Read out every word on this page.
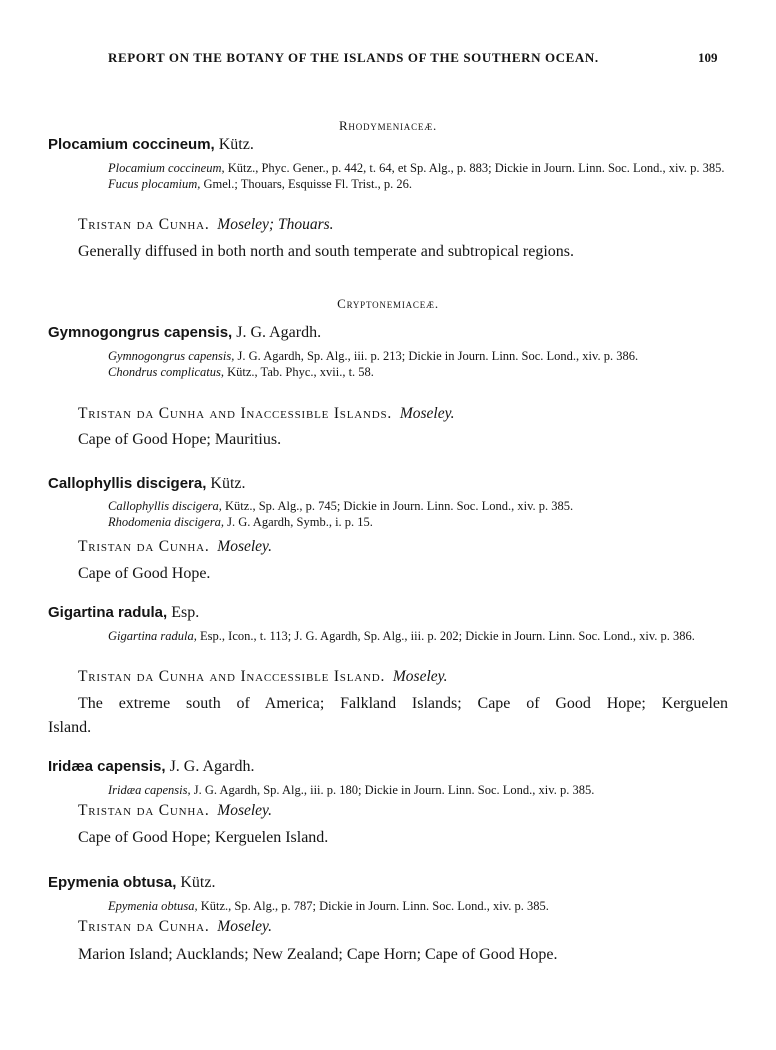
REPORT ON THE BOTANY OF THE ISLANDS OF THE SOUTHERN OCEAN.	109
Rhodymeniaceæ.
Plocamium coccineum, Kütz.
Plocamium coccineum, Kütz., Phyc. Gener., p. 442, t. 64, et Sp. Alg., p. 883; Dickie in Journ. Linn. Soc. Lond., xiv. p. 385.
Fucus plocamium, Gmel.; Thouars, Esquisse Fl. Trist., p. 26.
Tristan da Cunha. Moseley; Thouars.
Generally diffused in both north and south temperate and subtropical regions.
Cryptonemiaceæ.
Gymnogongrus capensis, J. G. Agardh.
Gymnogongrus capensis, J. G. Agardh, Sp. Alg., iii. p. 213; Dickie in Journ. Linn. Soc. Lond., xiv. p. 386.
Chondrus complicatus, Kütz., Tab. Phyc., xvii., t. 58.
Tristan da Cunha and Inaccessible Islands. Moseley.
Cape of Good Hope; Mauritius.
Callophyllis discigera, Kütz.
Callophyllis discigera, Kütz., Sp. Alg., p. 745; Dickie in Journ. Linn. Soc. Lond., xiv. p. 385.
Rhodomenia discigera, J. G. Agardh, Symb., i. p. 15.
Tristan da Cunha. Moseley.
Cape of Good Hope.
Gigartina radula, Esp.
Gigartina radula, Esp., Icon., t. 113; J. G. Agardh, Sp. Alg., iii. p. 202; Dickie in Journ. Linn. Soc. Lond., xiv. p. 386.
Tristan da Cunha and Inaccessible Island. Moseley.
The extreme south of America; Falkland Islands; Cape of Good Hope; Kerguelen
Island.
Iridæa capensis, J. G. Agardh.
Iridæa capensis, J. G. Agardh, Sp. Alg., iii. p. 180; Dickie in Journ. Linn. Soc. Lond., xiv. p. 385.
Tristan da Cunha. Moseley.
Cape of Good Hope; Kerguelen Island.
Epymenia obtusa, Kütz.
Epymenia obtusa, Kütz., Sp. Alg., p. 787; Dickie in Journ. Linn. Soc. Lond., xiv. p. 385.
Tristan da Cunha. Moseley.
Marion Island; Aucklands; New Zealand; Cape Horn; Cape of Good Hope.
